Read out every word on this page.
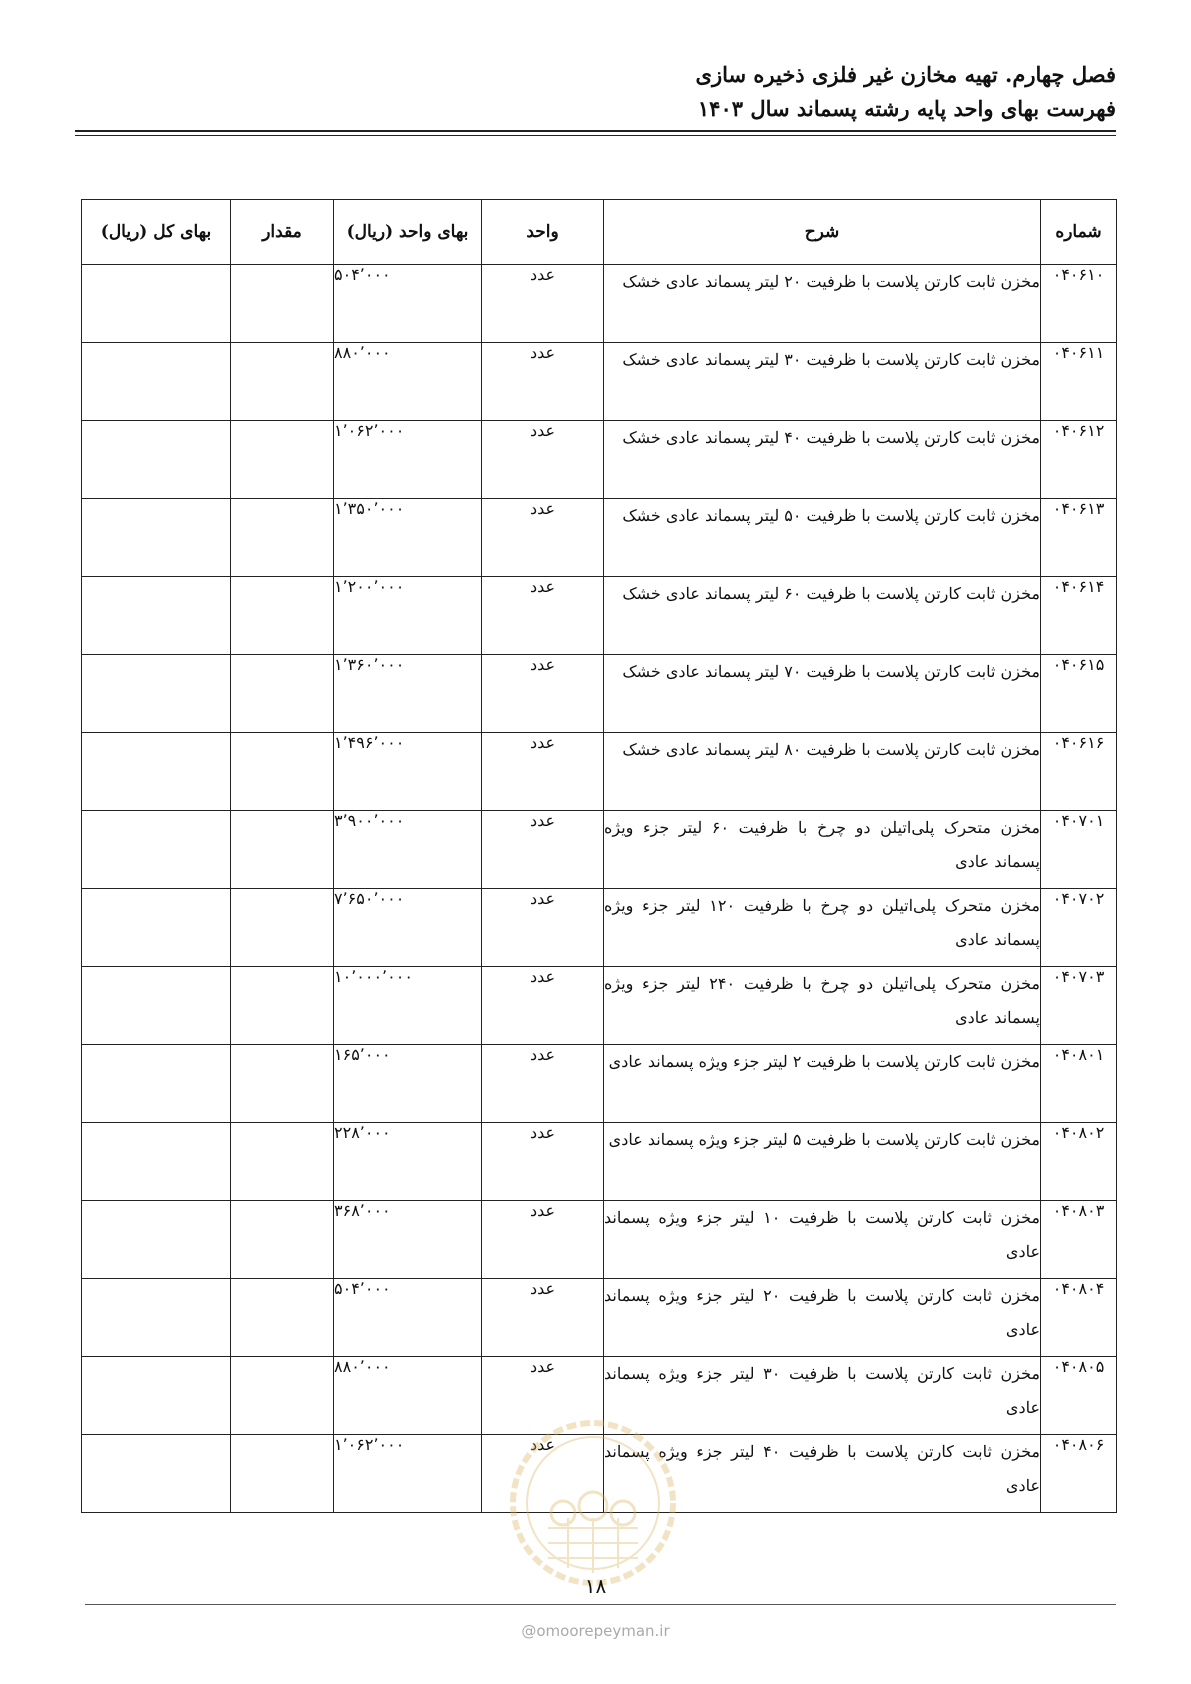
فصل چهارم. تهیه مخازن غیر فلزی ذخیره سازی
فهرست بهای واحد پایه رشته پسماند سال ۱۴۰۳
شماره	شرح	واحد	بهای واحد (ریال)	مقدار	بهای کل (ریال)
۰۴۰۶۱۰	مخزن ثابت کارتن پلاست با ظرفیت ۲۰ لیتر پسماند عادی خشک	عدد	۵۰۴٬۰۰۰		
۰۴۰۶۱۱	مخزن ثابت کارتن پلاست با ظرفیت ۳۰ لیتر پسماند عادی خشک	عدد	۸۸۰٬۰۰۰		
۰۴۰۶۱۲	مخزن ثابت کارتن پلاست با ظرفیت ۴۰ لیتر پسماند عادی خشک	عدد	۱٬۰۶۲٬۰۰۰		
۰۴۰۶۱۳	مخزن ثابت کارتن پلاست با ظرفیت ۵۰ لیتر پسماند عادی خشک	عدد	۱٬۳۵۰٬۰۰۰		
۰۴۰۶۱۴	مخزن ثابت کارتن پلاست با ظرفیت ۶۰ لیتر پسماند عادی خشک	عدد	۱٬۲۰۰٬۰۰۰		
۰۴۰۶۱۵	مخزن ثابت کارتن پلاست با ظرفیت ۷۰ لیتر پسماند عادی خشک	عدد	۱٬۳۶۰٬۰۰۰		
۰۴۰۶۱۶	مخزن ثابت کارتن پلاست با ظرفیت ۸۰ لیتر پسماند عادی خشک	عدد	۱٬۴۹۶٬۰۰۰		
۰۴۰۷۰۱	مخزن متحرک پلی‌اتیلن دو چرخ با ظرفیت ۶۰ لیتر جزء ویژه پسماند عادی	عدد	۳٬۹۰۰٬۰۰۰		
۰۴۰۷۰۲	مخزن متحرک پلی‌اتیلن دو چرخ با ظرفیت ۱۲۰ لیتر جزء ویژه پسماند عادی	عدد	۷٬۶۵۰٬۰۰۰		
۰۴۰۷۰۳	مخزن متحرک پلی‌اتیلن دو چرخ با ظرفیت ۲۴۰ لیتر جزء ویژه پسماند عادی	عدد	۱۰٬۰۰۰٬۰۰۰		
۰۴۰۸۰۱	مخزن ثابت کارتن پلاست با ظرفیت ۲ لیتر جزء ویژه پسماند عادی	عدد	۱۶۵٬۰۰۰		
۰۴۰۸۰۲	مخزن ثابت کارتن پلاست با ظرفیت ۵ لیتر جزء ویژه پسماند عادی	عدد	۲۲۸٬۰۰۰		
۰۴۰۸۰۳	مخزن ثابت کارتن پلاست با ظرفیت ۱۰ لیتر جزء ویژه پسماند عادی	عدد	۳۶۸٬۰۰۰		
۰۴۰۸۰۴	مخزن ثابت کارتن پلاست با ظرفیت ۲۰ لیتر جزء ویژه پسماند عادی	عدد	۵۰۴٬۰۰۰		
۰۴۰۸۰۵	مخزن ثابت کارتن پلاست با ظرفیت ۳۰ لیتر جزء ویژه پسماند عادی	عدد	۸۸۰٬۰۰۰		
۰۴۰۸۰۶	مخزن ثابت کارتن پلاست با ظرفیت ۴۰ لیتر جزء ویژه پسماند عادی	عدد	۱٬۰۶۲٬۰۰۰		
۱۸
@omoorepeyman.ir
